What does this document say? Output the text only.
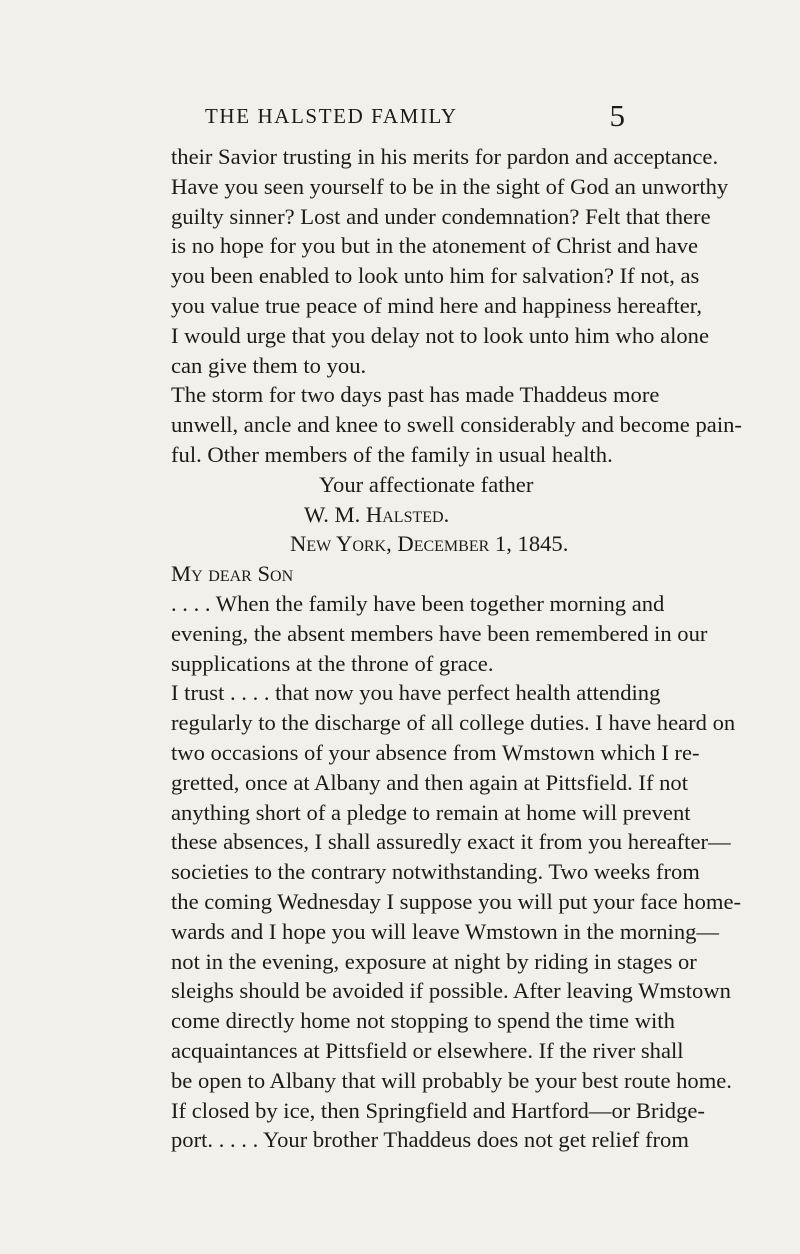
THE HALSTED FAMILY	5
their Savior trusting in his merits for pardon and acceptance.
Have you seen yourself to be in the sight of God an unworthy
guilty sinner? Lost and under condemnation? Felt that there
is no hope for you but in the atonement of Christ and have
you been enabled to look unto him for salvation? If not, as
you value true peace of mind here and happiness hereafter,
I would urge that you delay not to look unto him who alone
can give them to you.
The storm for two days past has made Thaddeus more
unwell, ancle and knee to swell considerably and become pain-
ful. Other members of the family in usual health.
Your affectionate father
W. M. Halsted.
New York, December 1, 1845.
My dear Son
. . . . When the family have been together morning and
evening, the absent members have been remembered in our
supplications at the throne of grace.
I trust . . . . that now you have perfect health attending
regularly to the discharge of all college duties. I have heard on
two occasions of your absence from Wmstown which I re-
gretted, once at Albany and then again at Pittsfield. If not
anything short of a pledge to remain at home will prevent
these absences, I shall assuredly exact it from you hereafter—
societies to the contrary notwithstanding. Two weeks from
the coming Wednesday I suppose you will put your face home-
wards and I hope you will leave Wmstown in the morning—
not in the evening, exposure at night by riding in stages or
sleighs should be avoided if possible. After leaving Wmstown
come directly home not stopping to spend the time with
acquaintances at Pittsfield or elsewhere. If the river shall
be open to Albany that will probably be your best route home.
If closed by ice, then Springfield and Hartford—or Bridge-
port. . . . . Your brother Thaddeus does not get relief from
